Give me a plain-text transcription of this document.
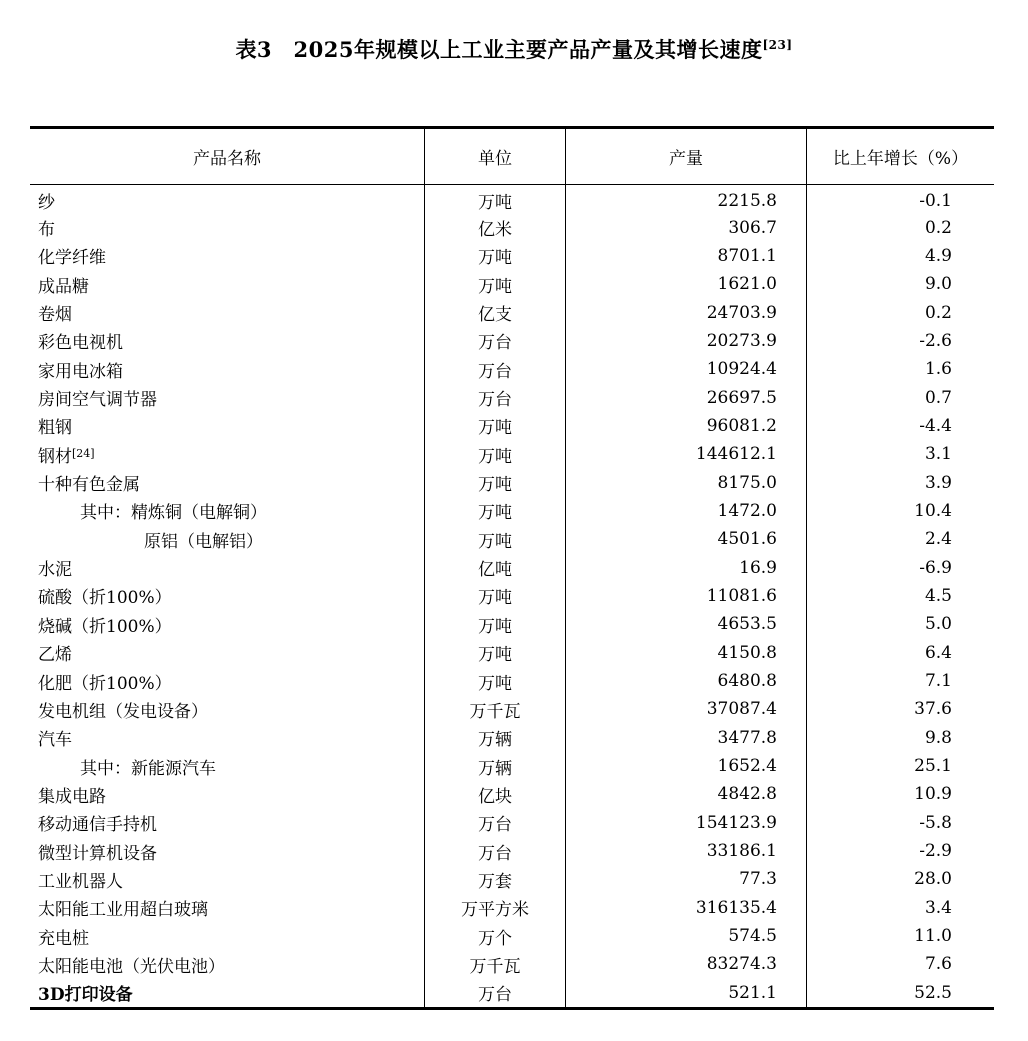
表3　2025年规模以上工业主要产品产量及其增长速度[23]
产品名称	单位	产量	比上年增长（%）
纱	万吨	2215.8	-0.1
布	亿米	306.7	0.2
化学纤维	万吨	8701.1	4.9
成品糖	万吨	1621.0	9.0
卷烟	亿支	24703.9	0.2
彩色电视机	万台	20273.9	-2.6
家用电冰箱	万台	10924.4	1.6
房间空气调节器	万台	26697.5	0.7
粗钢	万吨	96081.2	-4.4
钢材 [24]	万吨	144612.1	3.1
十种有色金属	万吨	8175.0	3.9
其中：精炼铜（电解铜）	万吨	1472.0	10.4
原铝（电解铝）	万吨	4501.6	2.4
水泥	亿吨	16.9	-6.9
硫酸（折100%）	万吨	11081.6	4.5
烧碱（折100%）	万吨	4653.5	5.0
乙烯	万吨	4150.8	6.4
化肥（折100%）	万吨	6480.8	7.1
发电机组（发电设备）	万千瓦	37087.4	37.6
汽车	万辆	3477.8	9.8
其中：新能源汽车	万辆	1652.4	25.1
集成电路	亿块	4842.8	10.9
移动通信手持机	万台	154123.9	-5.8
微型计算机设备	万台	33186.1	-2.9
工业机器人	万套	77.3	28.0
太阳能工业用超白玻璃	万平方米	316135.4	3.4
充电桩	万个	574.5	11.0
太阳能电池（光伏电池）	万千瓦	83274.3	7.6
3D打印设备	万台	521.1	52.5
